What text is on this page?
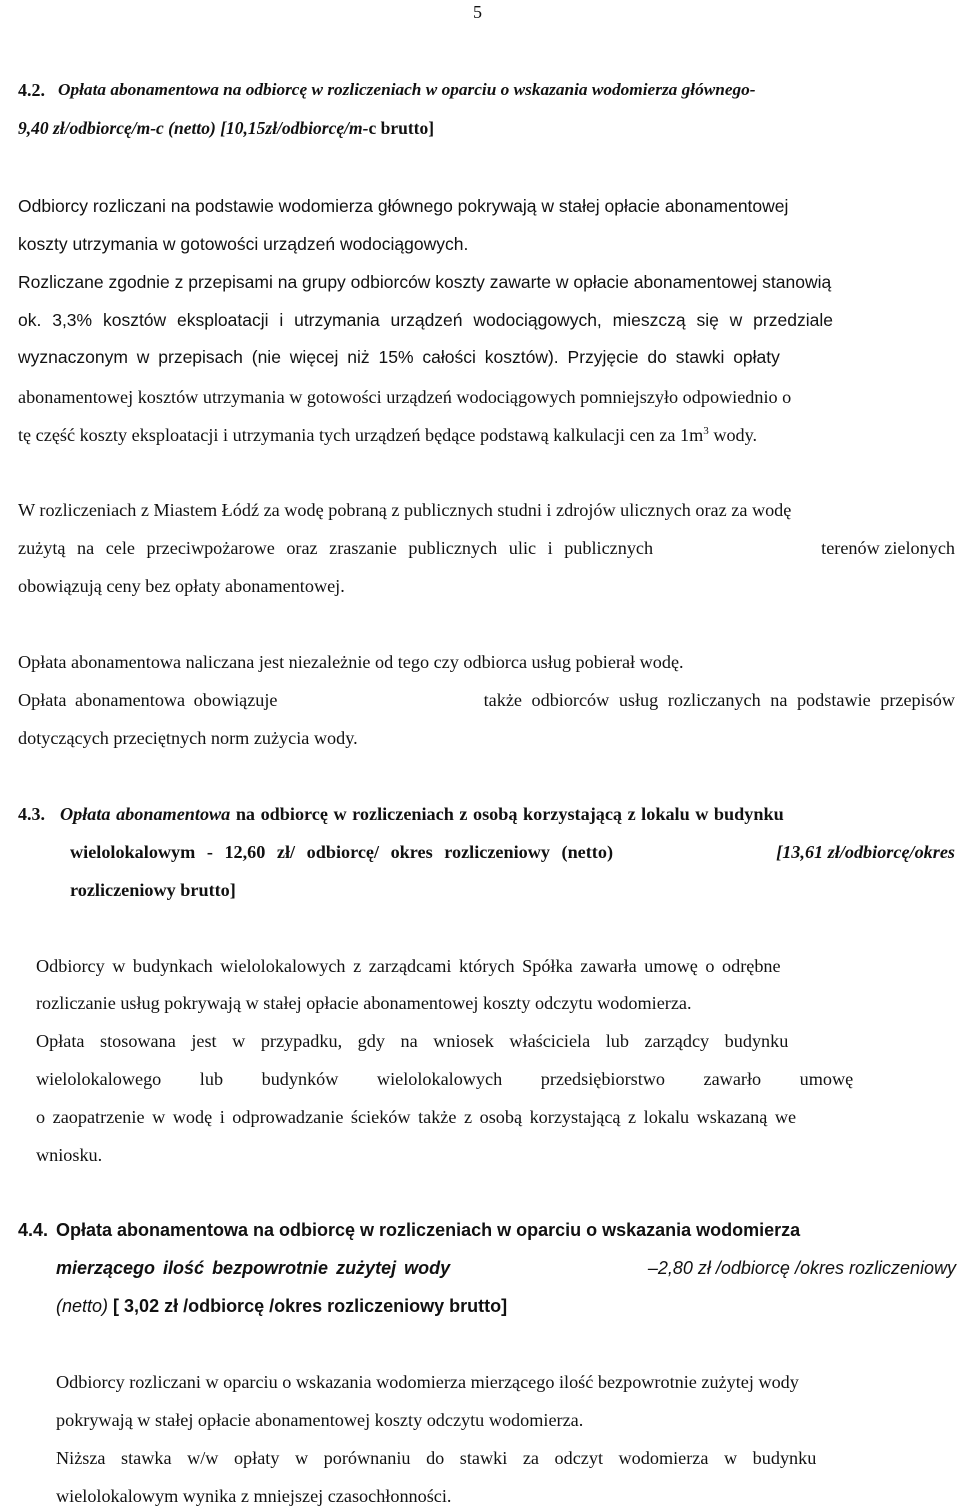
5
4.2. Opłata abonamentowa na odbiorcę w rozliczeniach w oparciu o wskazania wodomierza głównego-
9,40 zł/odbiorcę/m-c (netto) [10,15zł/odbiorcę/m-c brutto]
Odbiorcy rozliczani na podstawie wodomierza głównego pokrywają w stałej opłacie abonamentowej
koszty utrzymania w gotowości urządzeń wodociągowych.
Rozliczane zgodnie z przepisami na grupy odbiorców koszty zawarte w opłacie abonamentowej stanowią
ok. 3,3% kosztów eksploatacji i utrzymania urządzeń wodociągowych, mieszczą się w przedziale
wyznaczonym w przepisach (nie więcej niż 15% całości kosztów). Przyjęcie do stawki opłaty
abonamentowej kosztów utrzymania w gotowości urządzeń wodociągowych pomniejszyło odpowiednio o
tę część koszty eksploatacji i utrzymania tych urządzeń będące podstawą kalkulacji cen za $1m^3$ wody.
W rozliczeniach z Miastem Łódź za wodę pobraną z publicznych studni i zdrojów ulicznych oraz za wodę
zużytą na cele przeciwpożarowe oraz zraszanie publicznych ulic i publicznych	terenów zielonych
obowiązują ceny bez opłaty abonamentowej.
Opłata abonamentowa naliczana jest niezależnie od tego czy odbiorca usług pobierał wodę.
Opłata abonamentowa obowiązuje	także odbiorców usług rozliczanych na podstawie przepisów
dotyczących przeciętnych norm zużycia wody.
4.3. Opłata abonamentowa na odbiorcę w rozliczeniach z osobą korzystającą z lokalu w budynku
wielolokalowym - 12,60 zł/ odbiorcę/ okres rozliczeniowy (netto)	[13,61 zł/odbiorcę/okres
rozliczeniowy brutto]
Odbiorcy w budynkach wielolokalowych z zarządcami których Spółka zawarła umowę o odrębne
rozliczanie usług pokrywają w stałej opłacie abonamentowej koszty odczytu wodomierza.
Opłata stosowana jest w przypadku, gdy na wniosek właściciela lub zarządcy budynku
wielolokalowego lub budynków wielolokalowych przedsiębiorstwo zawarło umowę
o zaopatrzenie w wodę i odprowadzanie ścieków także z osobą korzystającą z lokalu wskazaną we
wniosku.
4.4. Opłata abonamentowa na odbiorcę w rozliczeniach w oparciu o wskazania wodomierza
mierzącego ilość bezpowrotnie zużytej wody	–2,80 zł /odbiorcę /okres rozliczeniowy
(netto) [ 3,02 zł /odbiorcę /okres rozliczeniowy brutto]
Odbiorcy rozliczani w oparciu o wskazania wodomierza mierzącego ilość bezpowrotnie zużytej wody
pokrywają w stałej opłacie abonamentowej koszty odczytu wodomierza.
Niższa stawka w/w opłaty w porównaniu do stawki za odczyt wodomierza w budynku
wielolokalowym wynika z mniejszej czasochłonności.
